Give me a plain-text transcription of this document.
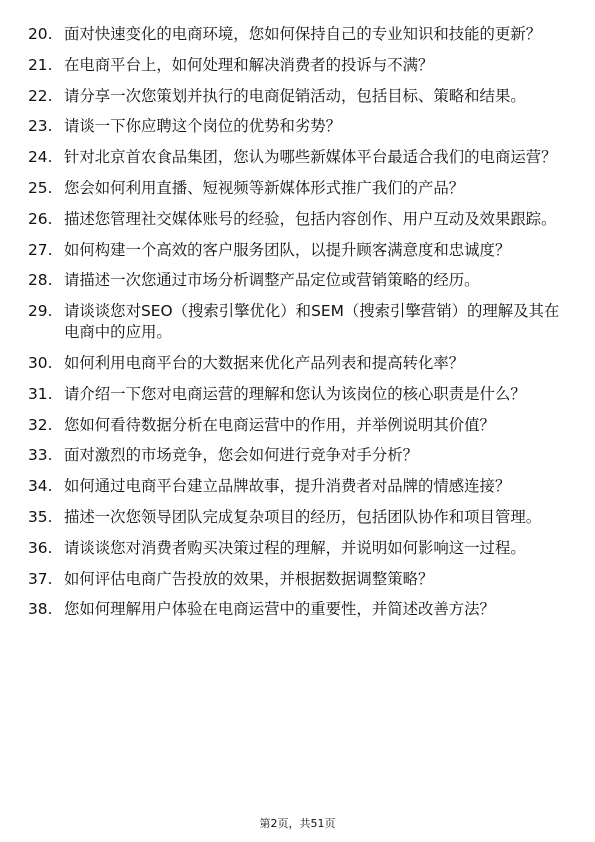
20. 面对快速变化的电商环境，您如何保持自己的专业知识和技能的更新？
21. 在电商平台上，如何处理和解决消费者的投诉与不满？
22. 请分享一次您策划并执行的电商促销活动，包括目标、策略和结果。
23. 请谈一下你应聘这个岗位的优势和劣势？
24. 针对北京首农食品集团，您认为哪些新媒体平台最适合我们的电商运营？
25. 您会如何利用直播、短视频等新媒体形式推广我们的产品？
26. 描述您管理社交媒体账号的经验，包括内容创作、用户互动及效果跟踪。
27. 如何构建一个高效的客户服务团队，以提升顾客满意度和忠诚度？
28. 请描述一次您通过市场分析调整产品定位或营销策略的经历。
29. 请谈谈您对SEO（搜索引擎优化）和SEM（搜索引擎营销）的理解及其在电商中的应用。
30. 如何利用电商平台的大数据来优化产品列表和提高转化率？
31. 请介绍一下您对电商运营的理解和您认为该岗位的核心职责是什么？
32. 您如何看待数据分析在电商运营中的作用，并举例说明其价值？
33. 面对激烈的市场竞争，您会如何进行竞争对手分析？
34. 如何通过电商平台建立品牌故事，提升消费者对品牌的情感连接？
35. 描述一次您领导团队完成复杂项目的经历，包括团队协作和项目管理。
36. 请谈谈您对消费者购买决策过程的理解，并说明如何影响这一过程。
37. 如何评估电商广告投放的效果，并根据数据调整策略？
38. 您如何理解用户体验在电商运营中的重要性，并简述改善方法？
第2页，共51页
